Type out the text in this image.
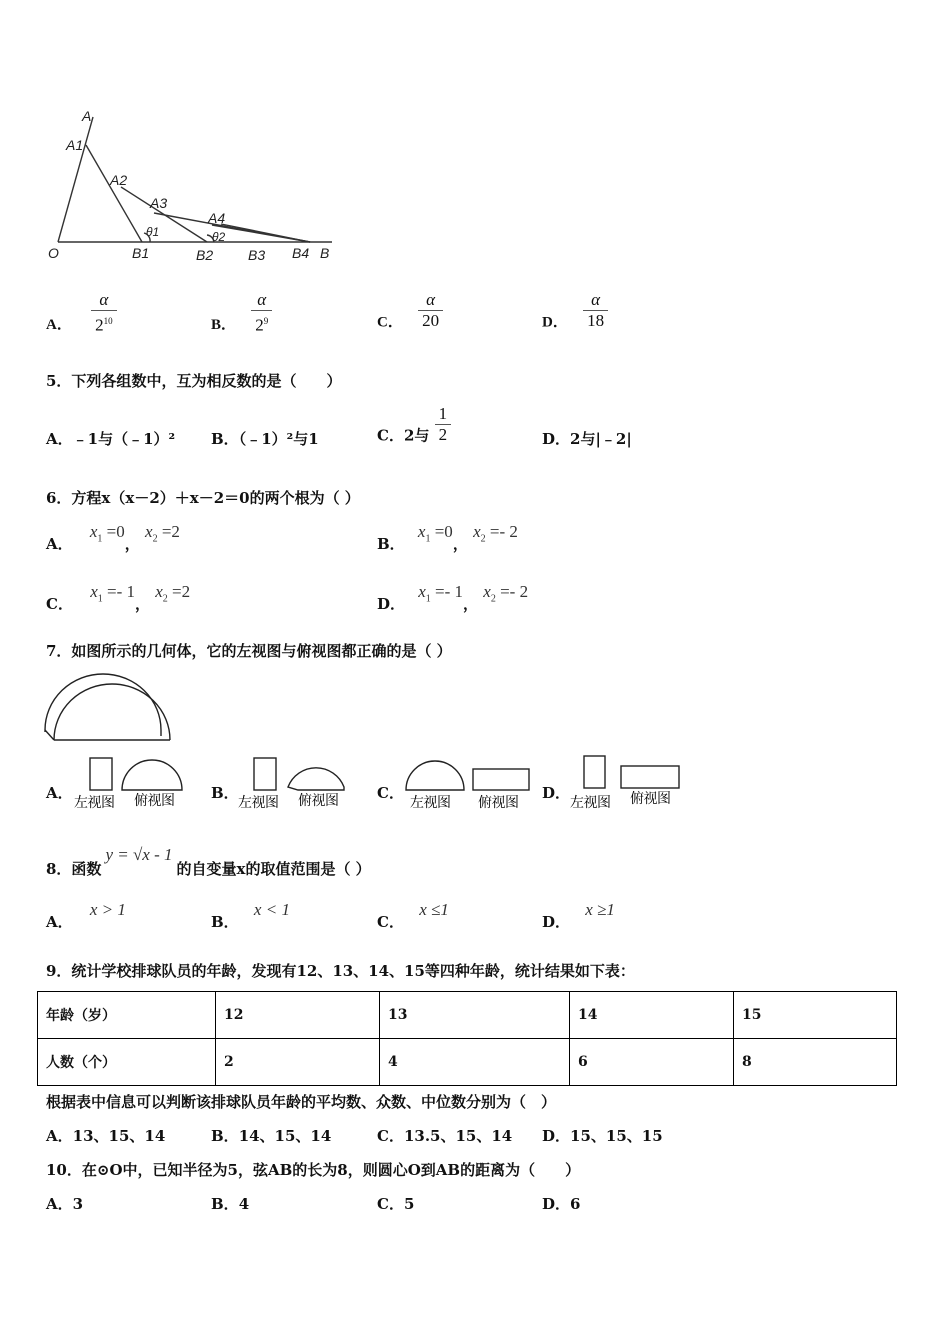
A
A1
A2
A3
A4
O	B1	B2 B3 B4 B
θ1	θ2
A． $\frac{\alpha}{2^{10}}$	B． $\frac{\alpha}{2^9}$	C． $\frac{\alpha}{20}$	D． $\frac{\alpha}{18}$
5．下列各组数中，互为相反数的是（　　）
A．﹣1与（﹣1）² B．（﹣1）²与1	C．2与 $\frac{1}{2}$	D．2与|﹣2|
6．方程x（x－2）＋x－2＝0的两个根为（ ）
A． $x_1 =0$， $x_2 =2$
B． $x_1 =0$， $x_2 =- 2$
C． $x_1 =- 1$， $x_2 =2$
D． $x_1 =- 1$， $x_2 =- 2$
7．如图所示的几何体，它的左视图与俯视图都正确的是（ ）
A． 左视图 俯视图 B． 左视图 俯视图	C． 左视图 俯视图 D． 左视图 俯视图
8．函数y = √x - 1的自变量x的取值范围是（ ）
A． x > 1
B． x < 1
C． x ≤1
D． x ≥1
9．统计学校排球队员的年龄，发现有12、13、14、15等四种年龄，统计结果如下表：
年龄（岁）	12	13	14	15
人数（个）	2	4	6	8
根据表中信息可以判断该排球队员年龄的平均数、众数、中位数分别为（　）
A．13、15、14	B．14、15、14	C．13.5、15、14 D．15、15、15
10．在⊙O中，已知半径为5，弦AB的长为8，则圆心O到AB的距离为（　　）
A．3	B．4	C．5	D．6
